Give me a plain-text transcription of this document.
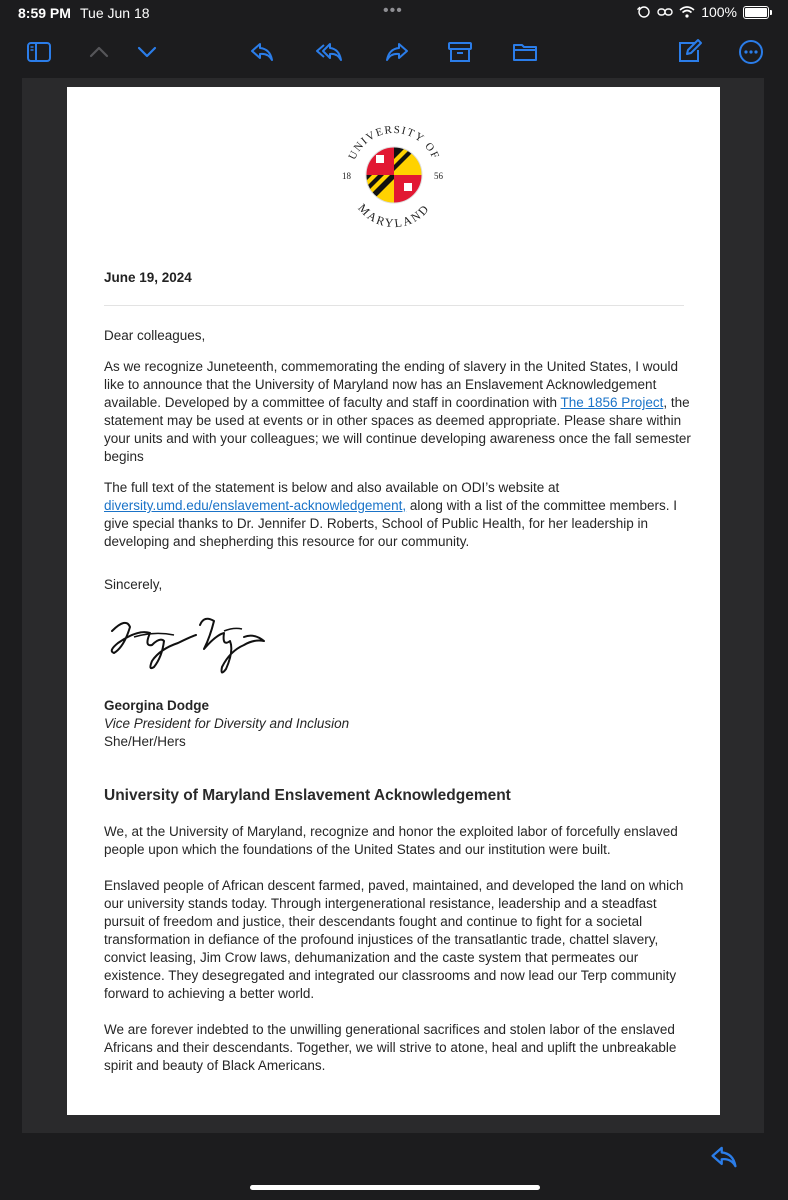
8:59 PM Tue Jun 18	•••	100%
UNIVERSITY OF
MARYLAND
18	56
June 19, 2024

Dear colleagues,

As we recognize Juneteenth, commemorating the ending of slavery in the United States, I would like to announce that the University of Maryland now has an Enslavement Acknowledgement available. Developed by a committee of faculty and staff in coordination with The 1856 Project, the statement may be used at events or in other spaces as deemed appropriate. Please share within your units and with your colleagues; we will continue developing awareness once the fall semester begins

The full text of the statement is below and also available on ODI’s website at diversity.umd.edu/enslavement-acknowledgement, along with a list of the committee members. I give special thanks to Dr. Jennifer D. Roberts, School of Public Health, for her leadership in developing and shepherding this resource for our community.

Sincerely,

Georgina Dodge

Vice President for Diversity and Inclusion

She/Her/Hers

University of Maryland Enslavement Acknowledgement

We, at the University of Maryland, recognize and honor the exploited labor of forcefully enslaved people upon which the foundations of the United States and our institution were built.

Enslaved people of African descent farmed, paved, maintained, and developed the land on which our university stands today. Through intergenerational resistance, leadership and a steadfast pursuit of freedom and justice, their descendants fought and continue to fight for a societal transformation in defiance of the profound injustices of the transatlantic trade, chattel slavery, convict leasing, Jim Crow laws, dehumanization and the caste system that permeates our existence. They desegregated and integrated our classrooms and now lead our Terp community forward to achieving a better world.

We are forever indebted to the unwilling generational sacrifices and stolen labor of the enslaved Africans and their descendants. Together, we will strive to atone, heal and uplift the unbreakable spirit and beauty of Black Americans.
